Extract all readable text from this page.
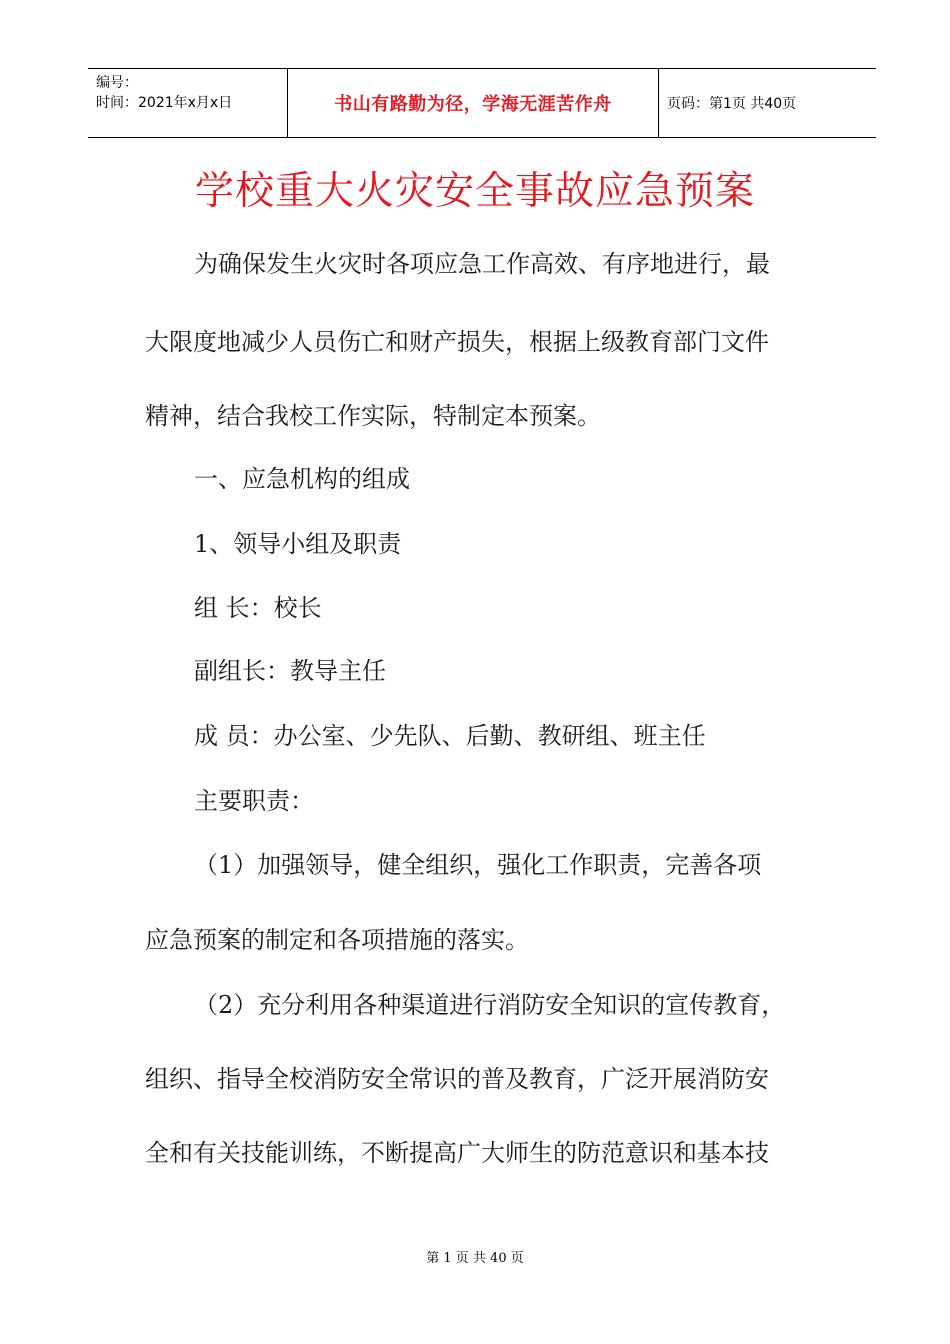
编号：
时间：2021年x月x日	书山有路勤为径，学海无涯苦作舟	页码：第1页 共40页
学校重大火灾安全事故应急预案
为确保发生火灾时各项应急工作高效、有序地进行，最
大限度地减少人员伤亡和财产损失，根据上级教育部门文件
精神，结合我校工作实际，特制定本预案。
一、应急机构的组成
1、领导小组及职责
组 长：校长
副组长：教导主任
成 员：办公室、少先队、后勤、教研组、班主任
主要职责：
（1）加强领导，健全组织，强化工作职责，完善各项
应急预案的制定和各项措施的落实。
（2）充分利用各种渠道进行消防安全知识的宣传教育，
组织、指导全校消防安全常识的普及教育，广泛开展消防安
全和有关技能训练，不断提高广大师生的防范意识和基本技
第 1 页 共 40 页
